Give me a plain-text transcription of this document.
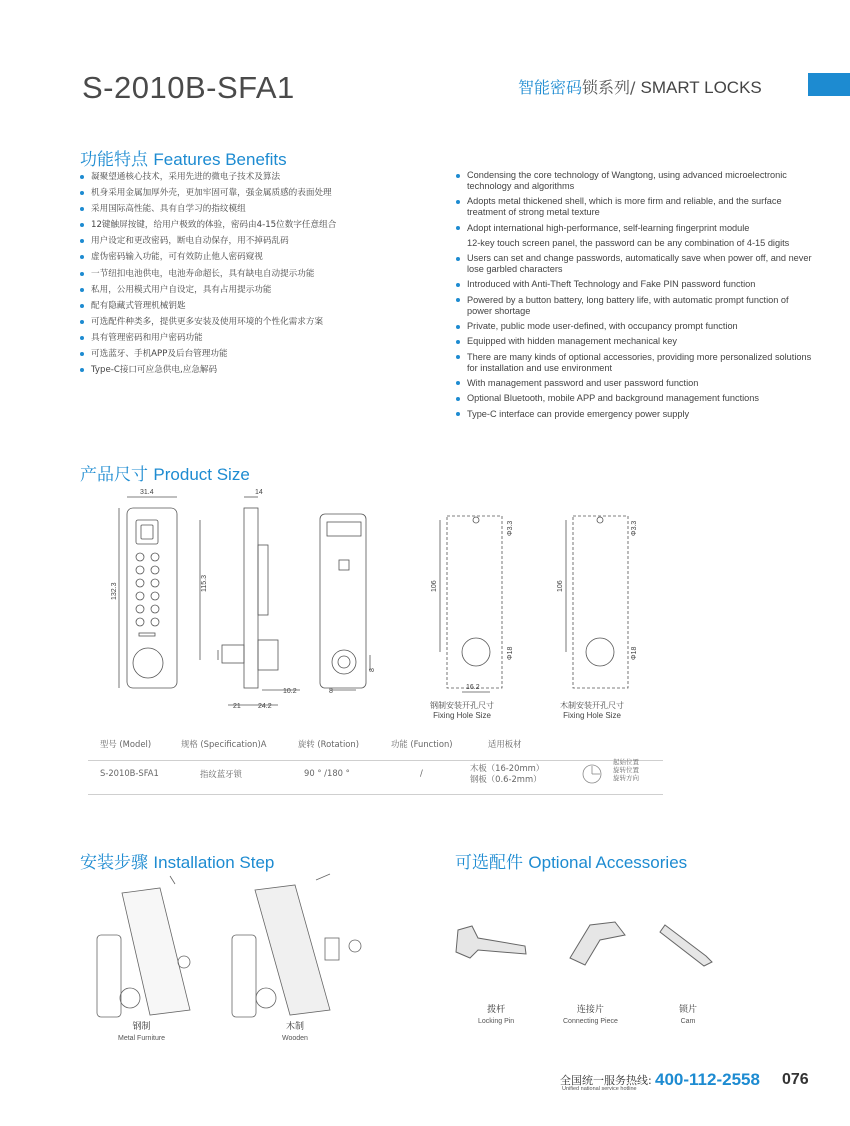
S-2010B-SFA1	智能密码锁系列/ SMART LOCKS
功能特点 Features Benefits
凝聚望通核心技术，采用先进的微电子技术及算法
机身采用金属加厚外壳，更加牢固可靠，强金属质感的表面处理
采用国际高性能、具有自学习的指纹模组
12键触屏按键，给用户极致的体验，密码由4-15位数字任意组合
用户设定和更改密码，断电自动保存，用不掉码乱码
虚伪密码输入功能，可有效防止他人密码窥视
一节纽扣电池供电，电池寿命超长，具有缺电自动提示功能
私用，公用模式用户自设定，具有占用提示功能
配有隐藏式管理机械钥匙
可选配件种类多，提供更多安装及使用环境的个性化需求方案
具有管理密码和用户密码功能
可选蓝牙、手机APP及后台管理功能
Type-C接口可应急供电,应急解码
Condensing the core technology of Wangtong, using advanced microelectronic technology and algorithms
Adopts metal thickened shell, which is more firm and reliable, and the surface treatment of strong metal texture
Adopt international high-performance, self-learning fingerprint module
12-key touch screen panel, the password can be any combination of 4-15 digits
Users can set and change passwords, automatically save when power off, and never lose garbled characters
Introduced with Anti-Theft Technology and Fake PIN password function
Powered by a button battery, long battery life, with automatic prompt function of power shortage
Private, public mode user-defined, with occupancy prompt function
Equipped with hidden management mechanical key
There are many kinds of optional accessories, providing more personalized solutions for installation and use environment
With management password and user password function
Optional Bluetooth, mobile APP and background management functions
Type-C interface can provide emergency power supply
产品尺寸 Product Size
31.4	14
132.3	115.3
10.2
21 24.2
8
8
106
Φ3.3
Φ18
16.2
106
Φ3.3
Φ18
钢制安装开孔尺寸
Fixing Hole Size
木制安装开孔尺寸
Fixing Hole Size
型号 (Model)	规格 (Specification)A	旋转 (Rotation)	功能 (Function)	适用板材
S-2010B-SFA1	指纹蓝牙锁	90 ° /180 °	/	木板（16-20mm）
钢板（0.6-2mm）
起始位置
旋转位置
旋转方向
安装步骤 Installation Step
钢制
Metal Furniture
木制
Wooden
可选配件 Optional Accessories
拨杆
Locking Pin
连接片
Connecting Piece
锁片
Cam
全国统一服务热线:
Unified national service hotline 400-112-2558 076
